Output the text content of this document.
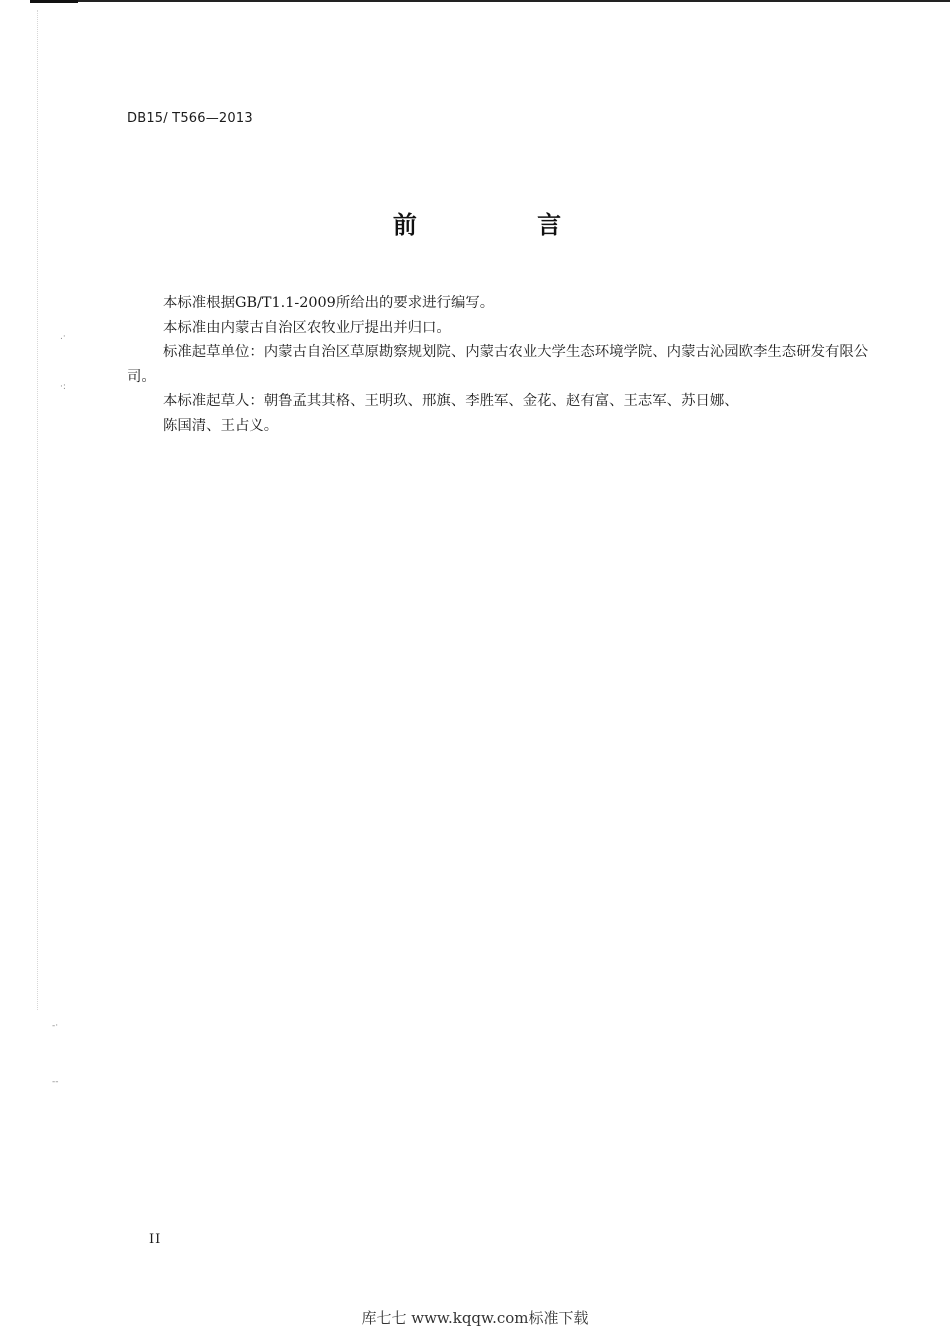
.·
·:
-·
--
DB15/ T566—2013
前 言

本标准根据GB/T1.1-2009所给出的要求进行编写。

本标准由内蒙古自治区农牧业厅提出并归口。

标准起草单位：内蒙古自治区草原勘察规划院、内蒙古农业大学生态环境学院、内蒙古沁园欧李生态研发有限公司。

本标准起草人：朝鲁孟其其格、王明玖、邢旗、李胜军、金花、赵有富、王志军、苏日娜、

陈国清、王占义。

II
库七七 www.kqqw.com标准下载
